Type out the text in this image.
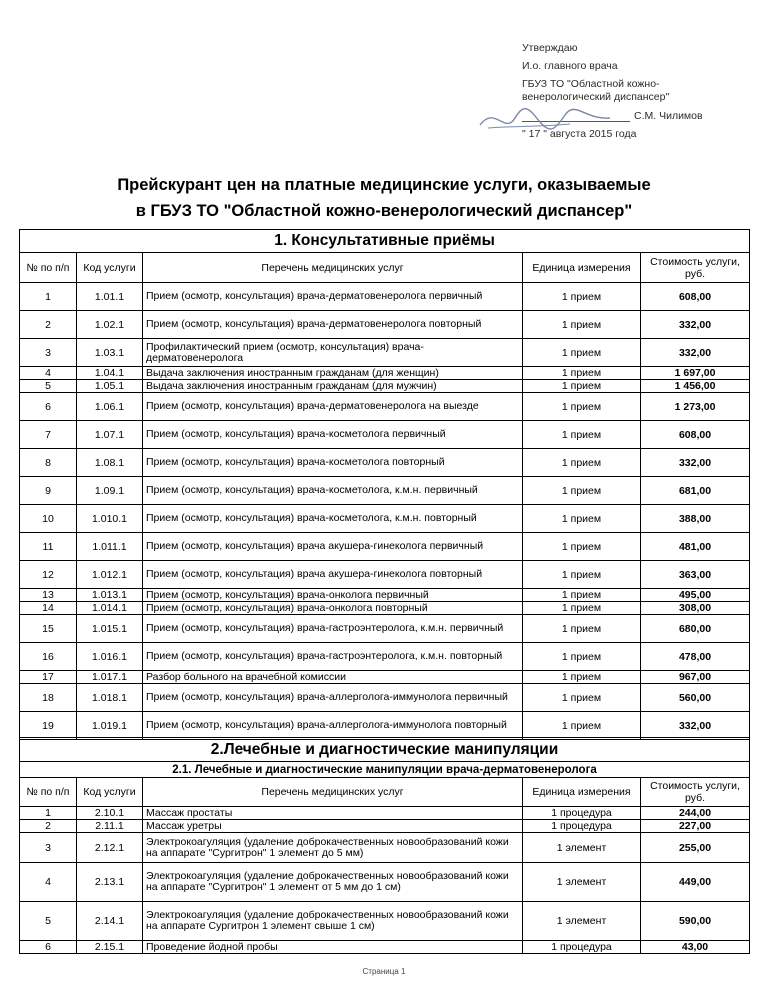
Утверждаю
И.о. главного врача
ГБУЗ ТО "Областной кожно-
венерологический диспансер"
С.М. Чилимов
" 17 " августа 2015 года
Прейскурант цен на платные медицинские услуги, оказываемые
в ГБУЗ ТО "Областной кожно-венерологический диспансер"
1. Консультативные приёмы				
№ по п/п	Код услуги	Перечень медицинских услуг	Единица измерения	Стоимость услуги, руб.
1	1.01.1	Прием (осмотр, консультация) врача-дерматовенеролога первичный	1 прием	608,00
2	1.02.1	Прием (осмотр, консультация) врача-дерматовенеролога повторный	1 прием	332,00
3	1.03.1	Профилактический прием (осмотр, консультация) врача-дерматовенеролога	1 прием	332,00
4	1.04.1	Выдача заключения иностранным гражданам (для женщин)	1 прием	1 697,00
5	1.05.1	Выдача заключения иностранным гражданам (для мужчин)	1 прием	1 456,00
6	1.06.1	Прием (осмотр, консультация) врача-дерматовенеролога на выезде	1 прием	1 273,00
7	1.07.1	Прием (осмотр, консультация) врача-косметолога первичный	1 прием	608,00
8	1.08.1	Прием (осмотр, консультация) врача-косметолога повторный	1 прием	332,00
9	1.09.1	Прием (осмотр, консультация) врача-косметолога, к.м.н. первичный	1 прием	681,00
10	1.010.1	Прием (осмотр, консультация) врача-косметолога, к.м.н. повторный	1 прием	388,00
11	1.011.1	Прием (осмотр, консультация) врача акушера-гинеколога первичный	1 прием	481,00
12	1.012.1	Прием (осмотр, консультация) врача акушера-гинеколога повторный	1 прием	363,00
13	1.013.1	Прием (осмотр, консультация) врача-онколога первичный	1 прием	495,00
14	1.014.1	Прием (осмотр, консультация) врача-онколога повторный	1 прием	308,00
15	1.015.1	Прием (осмотр, консультация) врача-гастроэнтеролога, к.м.н. первичный	1 прием	680,00
16	1.016.1	Прием (осмотр, консультация) врача-гастроэнтеролога, к.м.н. повторный	1 прием	478,00
17	1.017.1	Разбор больного на врачебной комиссии	1 прием	967,00
18	1.018.1	Прием (осмотр, консультация) врача-аллерголога-иммунолога первичный	1 прием	560,00
19	1.019.1	Прием (осмотр, консультация) врача-аллерголога-иммунолога повторный	1 прием	332,00
2.Лечебные и диагностические манипуляции				
2.1. Лечебные и диагностические манипуляции врача-дерматовенеролога				
№ по п/п	Код услуги	Перечень медицинских услуг	Единица измерения	Стоимость услуги, руб.
1	2.10.1	Массаж простаты	1 процедура	244,00
2	2.11.1	Массаж уретры	1 процедура	227,00
3	2.12.1	Электрокоагуляция (удаление доброкачественных новообразований кожи на аппарате "Сургитрон" 1 элемент до 5 мм)	1 элемент	255,00
4	2.13.1	Электрокоагуляция (удаление доброкачественных новообразований кожи на аппарате "Сургитрон" 1 элемент от 5 мм до 1 см)	1 элемент	449,00
5	2.14.1	Электрокоагуляция (удаление доброкачественных новообразований кожи на аппарате Сургитрон 1 элемент свыше 1 см)	1 элемент	590,00
6	2.15.1	Проведение йодной пробы	1 процедура	43,00
Страница 1
